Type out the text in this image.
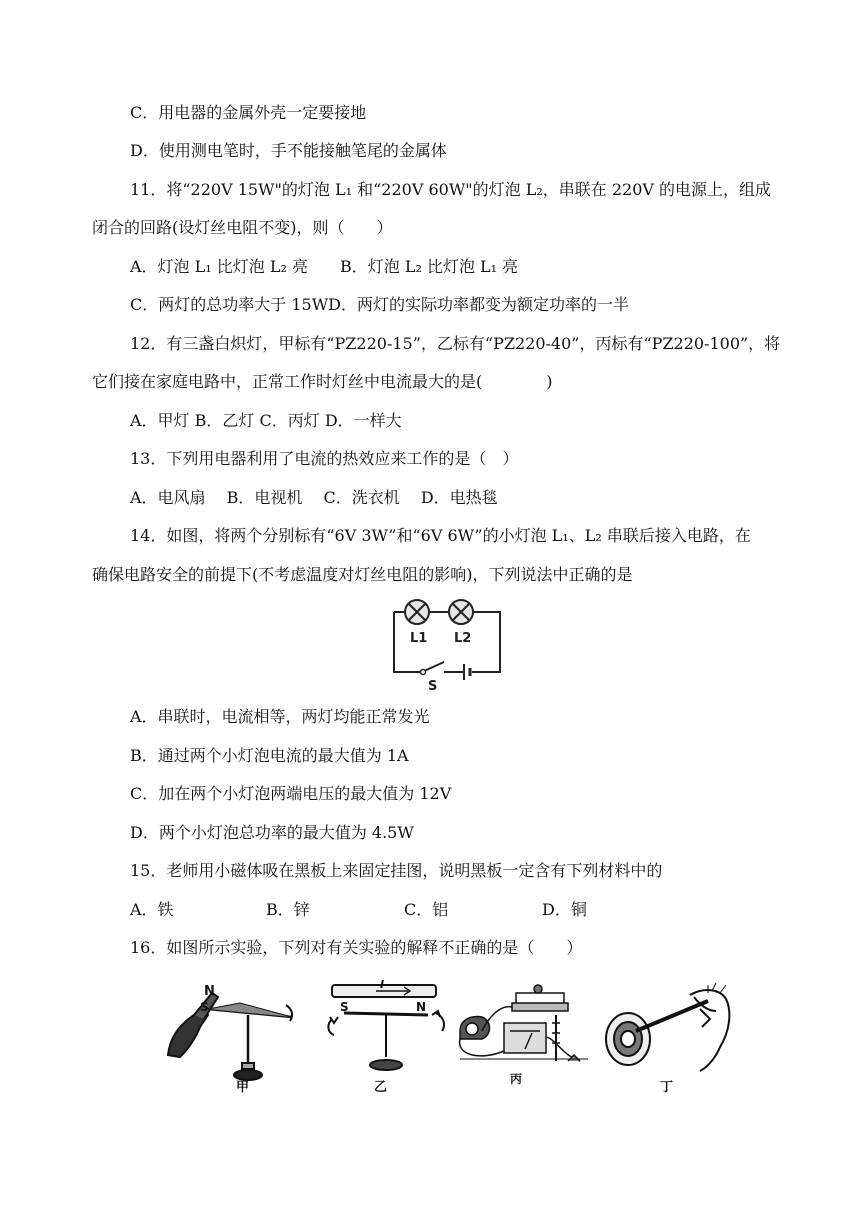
C．用电器的金属外壳一定要接地
D．使用测电笔时，手不能接触笔尾的金属体
11．将“220V 15W"的灯泡 L₁ 和“220V 60W"的灯泡 L₂，串联在 220V 的电源上，组成
闭合的回路(设灯丝电阻不变)，则（　　）
A．灯泡 L₁ 比灯泡 L₂ 亮　　B．灯泡 L₂ 比灯泡 L₁ 亮
C．两灯的总功率大于 15WD．两灯的实际功率都变为额定功率的一半
12．有三盏白炽灯，甲标有“PZ220-15”，乙标有“PZ220-40”，丙标有“PZ220-100”，将
它们接在家庭电路中，正常工作时灯丝中电流最大的是(　　　　)
A．甲灯 B．乙灯 C．丙灯 D．一样大
13．下列用电器利用了电流的热效应来工作的是（　）
A．电风扇　 B．电视机　 C．洗衣机　 D．电热毯
14．如图，将两个分别标有“6V 3W”和“6V 6W”的小灯泡 L₁、L₂ 串联后接入电路，在
确保电路安全的前提下(不考虑温度对灯丝电阻的影响)，下列说法中正确的是
L1 L2
S
A．串联时，电流相等，两灯均能正常发光
B．通过两个小灯泡电流的最大值为 1A
C．加在两个小灯泡两端电压的最大值为 12V
D．两个小灯泡总功率的最大值为 4.5W
15．老师用小磁体吸在黑板上来固定挂图，说明黑板一定含有下列材料中的
A．铁	B．锌	C．铝	D．铜
16．如图所示实验，下列对有关实验的解释不正确的是（　　）
N
S
甲
I
S	N
乙
丙
丁
